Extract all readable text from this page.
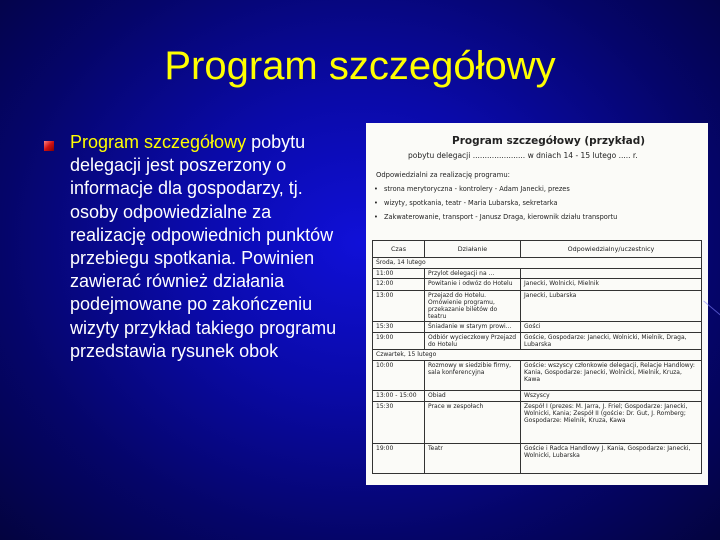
Program szczegółowy
Program szczegółowy pobytu delegacji jest poszerzony o informacje dla gospodarzy, tj. osoby odpowiedzialne za realizację odpowiednich punktów przebiegu spotkania. Powinien zawierać również działania podejmowane po zakończeniu wizyty przykład takiego programu przedstawia rysunek obok
Program szczegółowy (przykład)
pobytu delegacji ...................... w dniach 14 - 15 lutego ..... r.
Odpowiedzialni za realizację programu:
• strona merytoryczna - kontrolery - Adam Janecki, prezes
• wizyty, spotkania, teatr - Maria Lubarska, sekretarka
• Zakwaterowanie, transport - Janusz Draga, kierownik działu transportu
Czas	Działanie	Odpowiedzialny/uczestnicy
Środa, 14 lutego		
11:00	Przylot delegacji na ...	
12:00	Powitanie i odwóz do Hotelu	Janecki, Wolnicki, Mielnik
13:00	Przejazd do Hotelu. Omówienie programu, przekazanie biletów do teatru	Janecki, Lubarska
15:30	Śniadanie w starym prowi...	Gości
19:00	Odbiór wycieczkowy Przejazd do Hotelu	Goście, Gospodarze: Janecki, Wolnicki, Mielnik, Draga, Lubarska
Czwartek, 15 lutego		
10:00	Rozmowy w siedzibie firmy, sala konferencyjna	Goście: wszyscy członkowie delegacji, Relacje Handlowy: Kania, Gospodarze: Janecki, Wolnicki, Mielnik, Kruza, Kawa
13:00 - 15:00	Obiad	Wszyscy
15:30	Prace w zespołach	Zespół I (prezes: M. Jarra, J. Friel; Gospodarze: Janecki, Wolnicki, Kania; Zespół II (goście: Dr. Gut, J. Romberg; Gospodarze: Mielnik, Kruza, Kawa
19:00	Teatr	Goście i Radca Handlowy J. Kania, Gospodarze: Janecki, Wolnicki, Lubarska
